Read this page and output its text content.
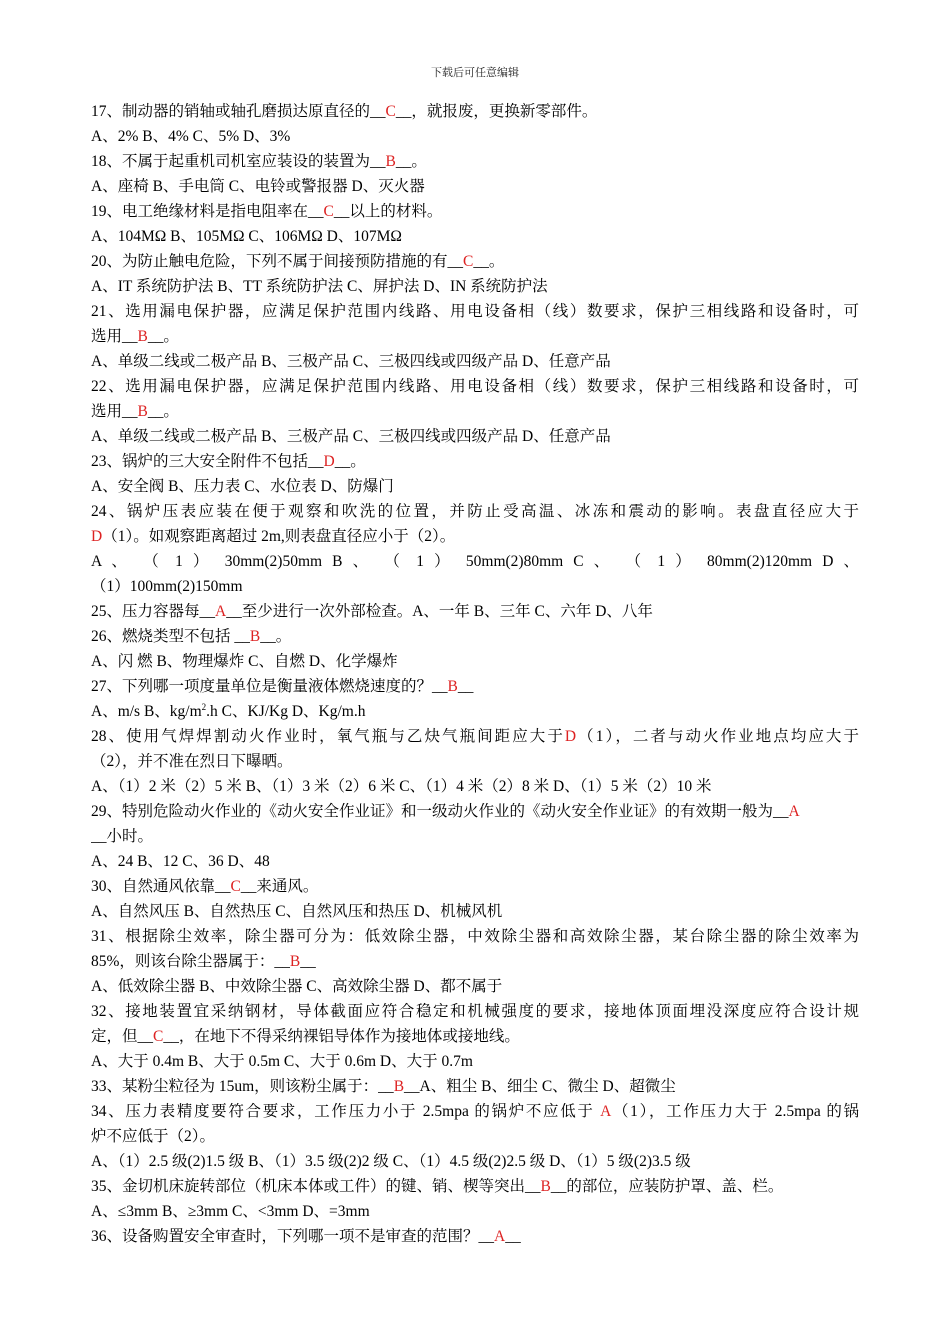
下载后可任意编辑
17、制动器的销轴或轴孔磨损达原直径的__C__，就报废，更换新零部件。
A、2% B、4% C、5% D、3%
18、不属于起重机司机室应装设的装置为__B__。
A、座椅 B、手电筒 C、电铃或警报器 D、灭火器
19、电工绝缘材料是指电阻率在__C__以上的材料。
A、104MΩ B、105MΩ C、106MΩ D、107MΩ
20、为防止触电危险，下列不属于间接预防措施的有__C__。
A、IT 系统防护法 B、TT 系统防护法 C、屏护法 D、IN 系统防护法
21、选用漏电保护器，应满足保护范围内线路、用电设备相（线）数要求，保护三相线路和设备时，可
选用__B__。
A、单级二线或二极产品 B、三极产品 C、三极四线或四级产品 D、任意产品
22、选用漏电保护器，应满足保护范围内线路、用电设备相（线）数要求，保护三相线路和设备时，可
选用__B__。
A、单级二线或二极产品 B、三极产品 C、三极四线或四级产品 D、任意产品
23、锅炉的三大安全附件不包括__D__。
A、安全阀 B、压力表 C、水位表 D、防爆门
24、锅炉压表应装在便于观察和吹洗的位置，并防止受高温、冰冻和震动的影响。表盘直径应大于
D（1）。如观察距离超过 2m,则表盘直径应小于（2）。
A 、 （ 1 ） 30mm(2)50mm B 、 （ 1 ） 50mm(2)80mm C 、 （ 1 ） 80mm(2)120mm D 、
（1）100mm(2)150mm
25、压力容器每__A__至少进行一次外部检查。A、一年 B、三年 C、六年 D、八年
26、燃烧类型不包括 __B__。
A、闪 燃 B、物理爆炸 C、自燃 D、化学爆炸
27、下列哪一项度量单位是衡量液体燃烧速度的？__B__
A、m/s B、$kg/m^2.h$ C、KJ/Kg D、Kg/m.h
28、使用气焊焊割动火作业时，氧气瓶与乙炔气瓶间距应大于D（1），二者与动火作业地点均应大于
（2），并不准在烈日下曝晒。
A、（1）2 米（2）5 米 B、（1）3 米（2）6 米 C、（1）4 米（2）8 米 D、（1）5 米（2）10 米
29、特别危险动火作业的《动火安全作业证》和一级动火作业的《动火安全作业证》的有效期一般为__A
__小时。
A、24 B、12 C、36 D、48
30、自然通风依靠__C__来通风。
A、自然风压 B、自然热压 C、自然风压和热压 D、机械风机
31、根据除尘效率，除尘器可分为：低效除尘器，中效除尘器和高效除尘器，某台除尘器的除尘效率为
85%，则该台除尘器属于：__B__
A、低效除尘器 B、中效除尘器 C、高效除尘器 D、都不属于
32、接地装置宜采纳钢材，导体截面应符合稳定和机械强度的要求，接地体顶面埋没深度应符合设计规
定，但__C__，在地下不得采纳裸铝导体作为接地体或接地线。
A、大于 0.4m B、大于 0.5m C、大于 0.6m D、大于 0.7m
33、某粉尘粒径为 15um，则该粉尘属于：__B__A、粗尘 B、细尘 C、微尘 D、超微尘
34、压力表精度要符合要求，工作压力小于 2.5mpa 的锅炉不应低于 A（1），工作压力大于 2.5mpa 的锅
炉不应低于（2）。
A、（1）2.5 级(2)1.5 级 B、（1）3.5 级(2)2 级 C、（1）4.5 级(2)2.5 级 D、（1）5 级(2)3.5 级
35、金切机床旋转部位（机床本体或工件）的键、销、楔等突出__B__的部位，应装防护罩、盖、栏。
A、≤3mm B、≥3mm C、<3mm D、=3mm
36、设备购置安全审查时，下列哪一项不是审查的范围？__A__
